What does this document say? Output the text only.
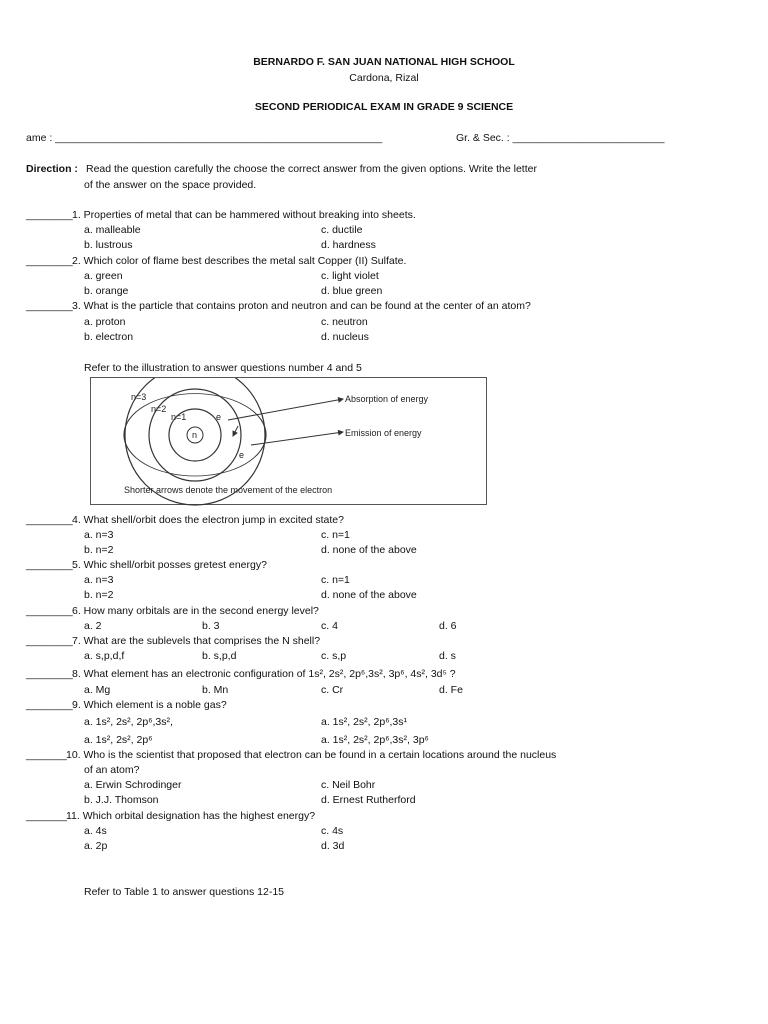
BERNARDO F. SAN JUAN NATIONAL HIGH SCHOOL
Cardona, Rizal
SECOND PERIODICAL EXAM IN GRADE 9 SCIENCE
ame : ________________________________________________________	Gr. & Sec. : __________________________
Direction : Read the question carefully the choose the correct answer from the given options. Write the letter
of the answer on the space provided.
________ 1. Properties of metal that can be hammered without breaking into sheets.
a. malleable	c. ductile
b. lustrous	d. hardness
________ 2. Which color of flame best describes the metal salt Copper (II) Sulfate.
a. green	c. light violet
b. orange	d. blue green
________ 3. What is the particle that contains proton and neutron and can be found at the center of an atom?
a. proton	c. neutron
b. electron	d. nucleus
Refer to the illustration to answer questions number 4 and 5
n
n=3
n=2
n=1	e
e
Absorption of energy
Emission of energy
Shorter arrows denote the movement of the electron
________ 4. What shell/orbit does the electron jump in excited state?
a. n=3	c. n=1
b. n=2	d. none of the above
________ 5. Whic shell/orbit posses gretest energy?
a. n=3	c. n=1
b. n=2	d. none of the above
________ 6. How many orbitals are in the second energy level?
a. 2	b. 3	c. 4	d. 6
________ 7. What are the sublevels that comprises the N shell?
a. s,p,d,f	b. s,p,d	c. s,p	d. s
________ 8. What element has an electronic configuration of 1s², 2s², 2p⁶,3s², 3p⁶, 4s², 3d⁵ ?
a. Mg	b. Mn	c. Cr	d. Fe
________ 9. Which element is a noble gas?
a. 1s², 2s², 2p⁶,3s²,	a. 1s², 2s², 2p⁶,3s¹
a. 1s², 2s², 2p⁶	a. 1s², 2s², 2p⁶,3s², 3p⁶
_______ 10. Who is the scientist that proposed that electron can be found in a certain locations around the nucleus
of an atom?
a. Erwin Schrodinger	c. Neil Bohr
b. J.J. Thomson	d. Ernest Rutherford
_______ 11. Which orbital designation has the highest energy?
a. 4s	c. 4s
a. 2p	d. 3d
Refer to Table 1 to answer questions 12-15
